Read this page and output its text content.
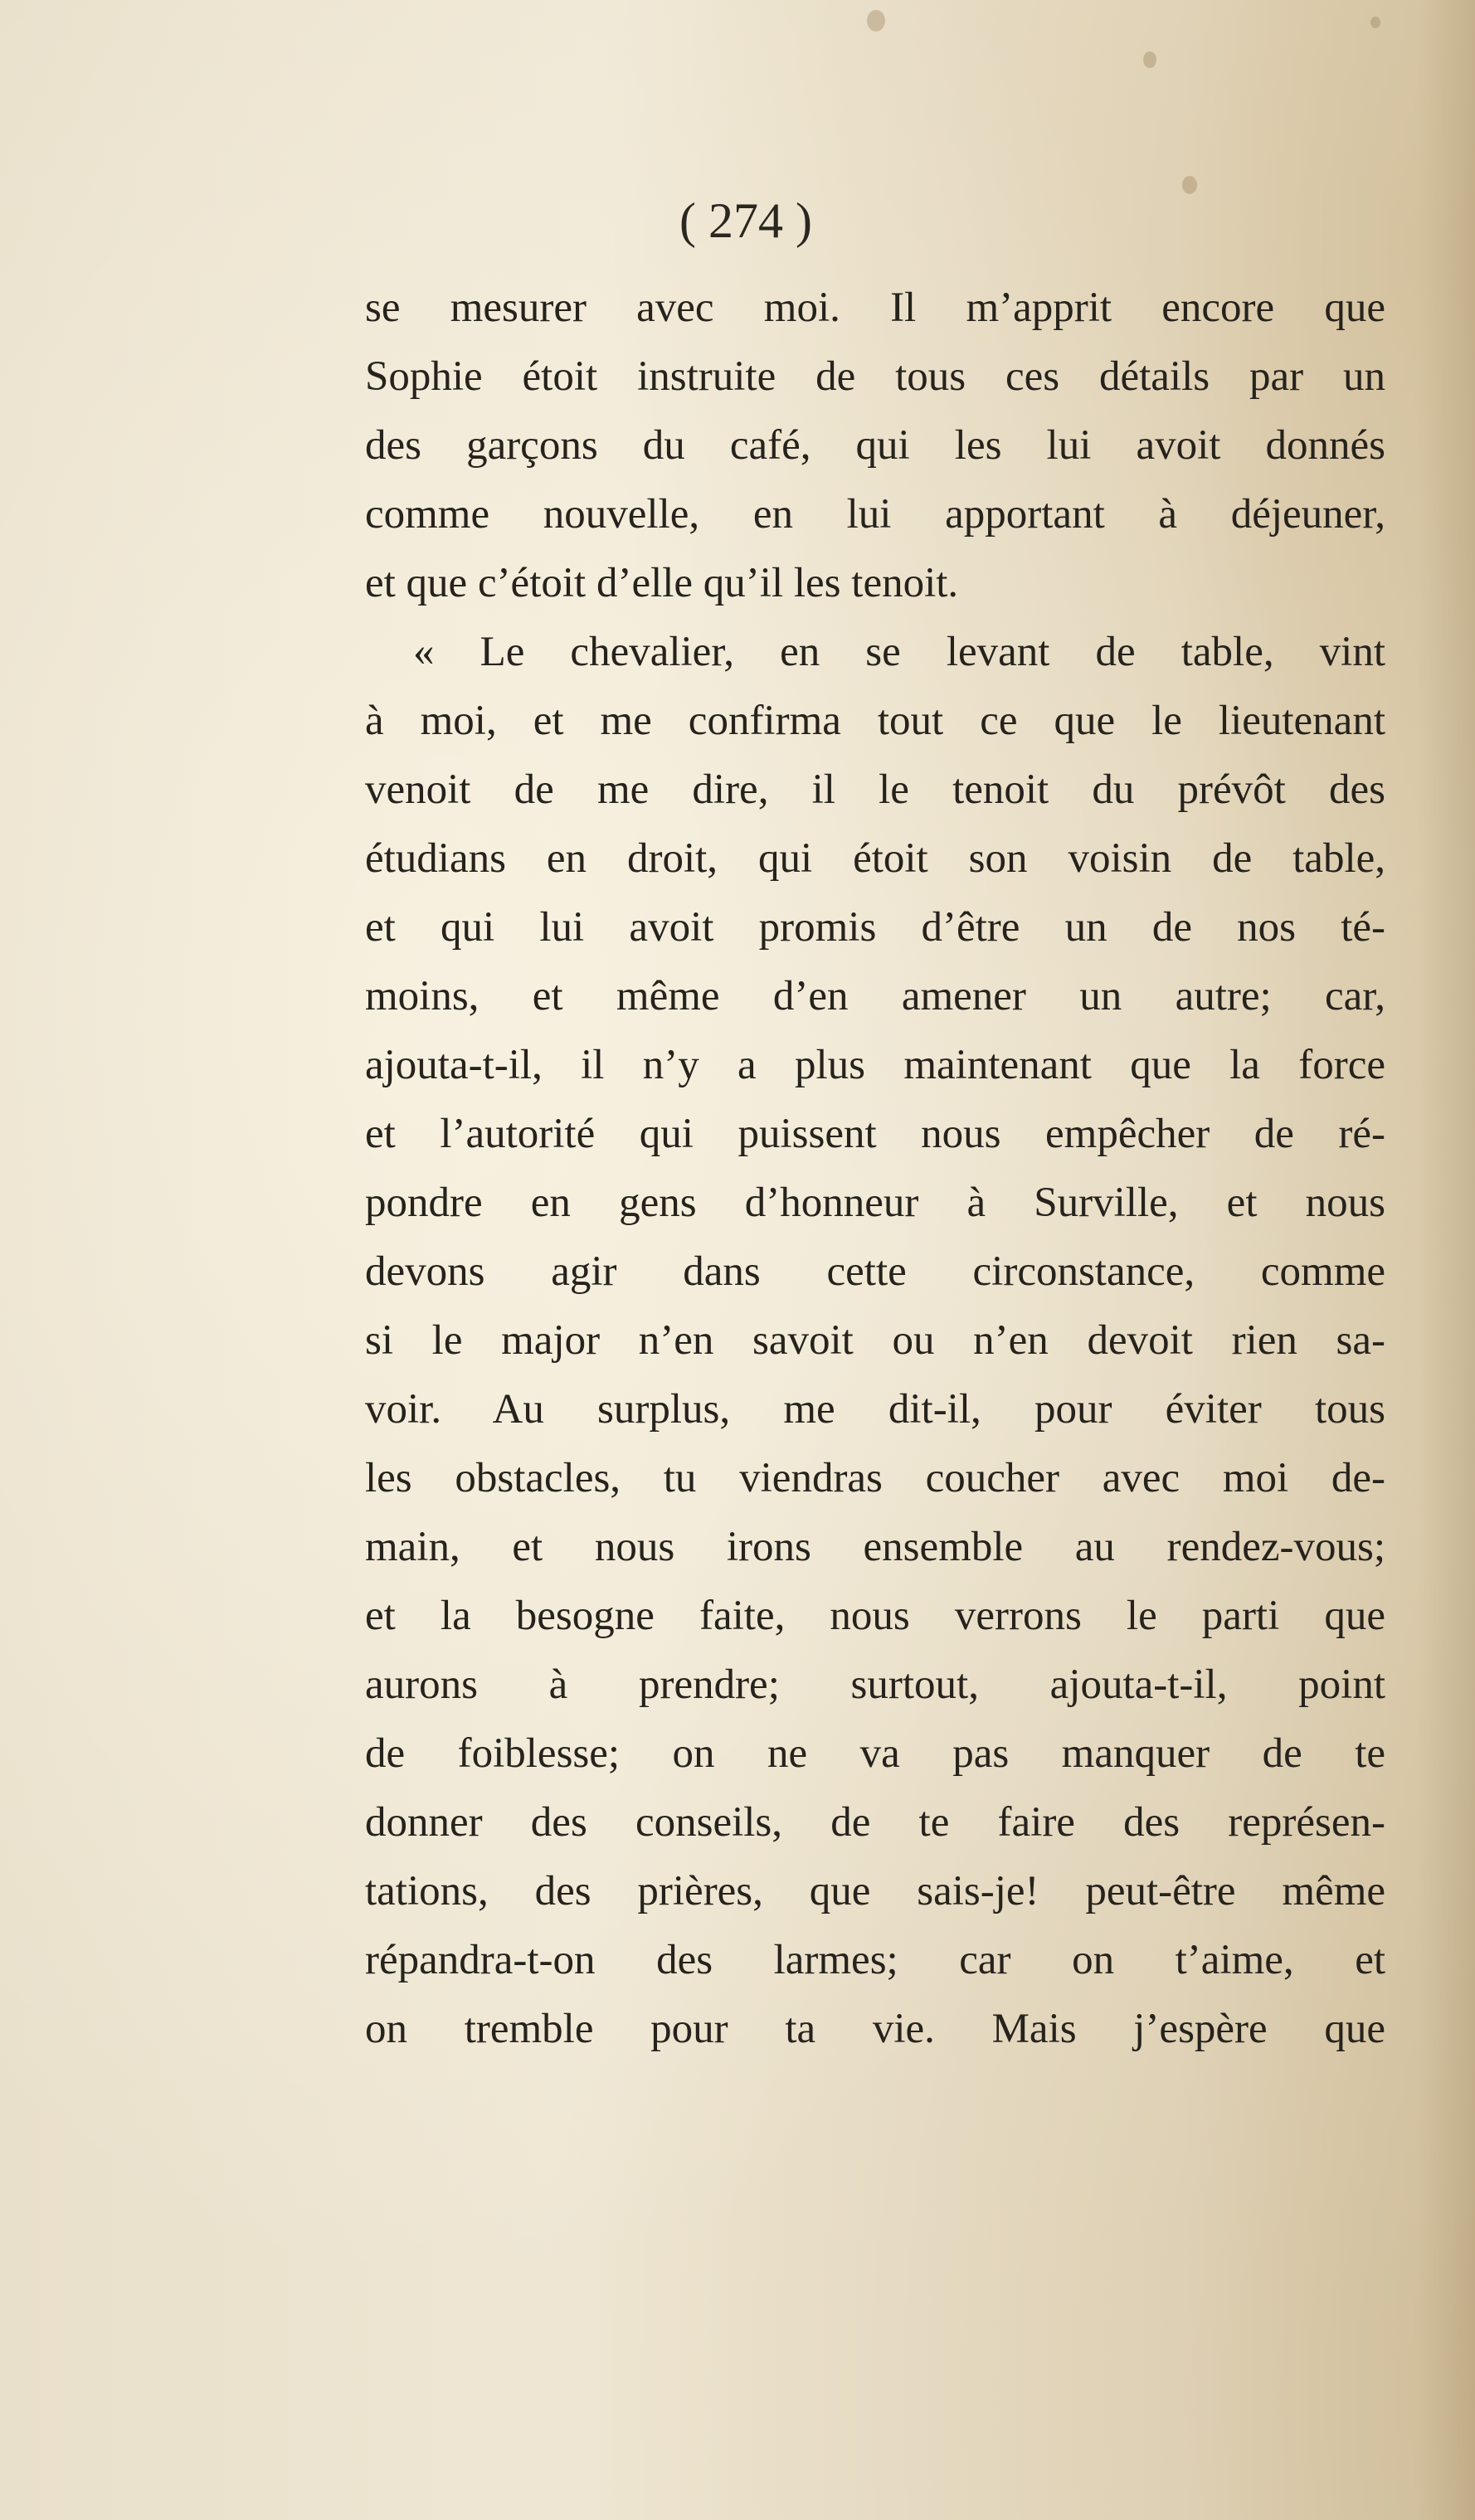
( 274 )
se mesurer avec moi. Il m’apprit encore que
Sophie étoit instruite de tous ces détails par un
des garçons du café, qui les lui avoit donnés
comme nouvelle, en lui apportant à déjeuner,
et que c’étoit d’elle qu’il les tenoit.
« Le chevalier, en se levant de table, vint
à moi, et me confirma tout ce que le lieutenant
venoit de me dire, il le tenoit du prévôt des
étudians en droit, qui étoit son voisin de table,
et qui lui avoit promis d’être un de nos té-
moins, et même d’en amener un autre; car,
ajouta-t-il, il n’y a plus maintenant que la force
et l’autorité qui puissent nous empêcher de ré-
pondre en gens d’honneur à Surville, et nous
devons agir dans cette circonstance, comme
si le major n’en savoit ou n’en devoit rien sa-
voir. Au surplus, me dit-il, pour éviter tous
les obstacles, tu viendras coucher avec moi de-
main, et nous irons ensemble au rendez-vous;
et la besogne faite, nous verrons le parti que
aurons à prendre; surtout, ajouta-t-il, point
de foiblesse; on ne va pas manquer de te
donner des conseils, de te faire des représen-
tations, des prières, que sais-je! peut-être même
répandra-t-on des larmes; car on t’aime, et
on tremble pour ta vie. Mais j’espère que
